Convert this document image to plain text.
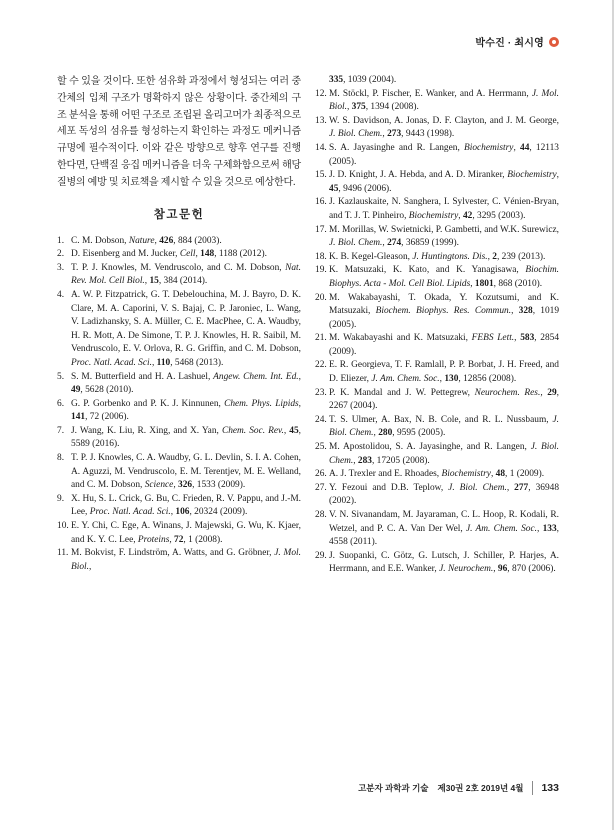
박수진 · 최시영

할 수 있을 것이다. 또한 섬유화 과정에서 형성되는 여러 중간체의 입체 구조가 명확하지 않은 상황이다. 중간체의 구조 분석을 통해 어떤 구조로 조립된 올리고머가 최종적으로 세포 독성의 섬유를 형성하는지 확인하는 과정도 메커니즘 규명에 필수적이다. 이와 같은 방향으로 향후 연구를 진행한다면, 단백질 응집 메커니즘을 더욱 구체화함으로써 해당 질병의 예방 및 치료책을 제시할 수 있을 것으로 예상한다.

참고문헌
1. C. M. Dobson, Nature, 426, 884 (2003).
2. D. Eisenberg and M. Jucker, Cell, 148, 1188 (2012).
3. T. P. J. Knowles, M. Vendruscolo, and C. M. Dobson, Nat. Rev. Mol. Cell Biol., 15, 384 (2014).
4. A. W. P. Fitzpatrick, G. T. Debelouchina, M. J. Bayro, D. K. Clare, M. A. Caporini, V. S. Bajaj, C. P. Jaroniec, L. Wang, V. Ladizhansky, S. A. Müller, C. E. MacPhee, C. A. Waudby, H. R. Mott, A. De Simone, T. P. J. Knowles, H. R. Saibil, M. Vendruscolo, E. V. Orlova, R. G. Griffin, and C. M. Dobson, Proc. Natl. Acad. Sci., 110, 5468 (2013).
5. S. M. Butterfield and H. A. Lashuel, Angew. Chem. Int. Ed., 49, 5628 (2010).
6. G. P. Gorbenko and P. K. J. Kinnunen, Chem. Phys. Lipids, 141, 72 (2006).
7. J. Wang, K. Liu, R. Xing, and X. Yan, Chem. Soc. Rev., 45, 5589 (2016).
8. T. P. J. Knowles, C. A. Waudby, G. L. Devlin, S. I. A. Cohen, A. Aguzzi, M. Vendruscolo, E. M. Terentjev, M. E. Welland, and C. M. Dobson, Science, 326, 1533 (2009).
9. X. Hu, S. L. Crick, G. Bu, C. Frieden, R. V. Pappu, and J.-M. Lee, Proc. Natl. Acad. Sci., 106, 20324 (2009).
10. E. Y. Chi, C. Ege, A. Winans, J. Majewski, G. Wu, K. Kjaer, and K. Y. C. Lee, Proteins, 72, 1 (2008).
11. M. Bokvist, F. Lindström, A. Watts, and G. Gröbner, J. Mol. Biol.,
335, 1039 (2004).
12. M. Stöckl, P. Fischer, E. Wanker, and A. Herrmann, J. Mol. Biol., 375, 1394 (2008).
13. W. S. Davidson, A. Jonas, D. F. Clayton, and J. M. George, J. Biol. Chem., 273, 9443 (1998).
14. S. A. Jayasinghe and R. Langen, Biochemistry, 44, 12113 (2005).
15. J. D. Knight, J. A. Hebda, and A. D. Miranker, Biochemistry, 45, 9496 (2006).
16. J. Kazlauskaite, N. Sanghera, I. Sylvester, C. Vénien-Bryan, and T. J. T. Pinheiro, Biochemistry, 42, 3295 (2003).
17. M. Morillas, W. Swietnicki, P. Gambetti, and W.K. Surewicz, J. Biol. Chem., 274, 36859 (1999).
18. K. B. Kegel-Gleason, J. Huntingtons. Dis., 2, 239 (2013).
19. K. Matsuzaki, K. Kato, and K. Yanagisawa, Biochim. Biophys. Acta - Mol. Cell Biol. Lipids, 1801, 868 (2010).
20. M. Wakabayashi, T. Okada, Y. Kozutsumi, and K. Matsuzaki, Biochem. Biophys. Res. Commun., 328, 1019 (2005).
21. M. Wakabayashi and K. Matsuzaki, FEBS Lett., 583, 2854 (2009).
22. E. R. Georgieva, T. F. Ramlall, P. P. Borbat, J. H. Freed, and D. Eliezer, J. Am. Chem. Soc., 130, 12856 (2008).
23. P. K. Mandal and J. W. Pettegrew, Neurochem. Res., 29, 2267 (2004).
24. T. S. Ulmer, A. Bax, N. B. Cole, and R. L. Nussbaum, J. Biol. Chem., 280, 9595 (2005).
25. M. Apostolidou, S. A. Jayasinghe, and R. Langen, J. Biol. Chem., 283, 17205 (2008).
26. A. J. Trexler and E. Rhoades, Biochemistry, 48, 1 (2009).
27. Y. Fezoui and D.B. Teplow, J. Biol. Chem., 277, 36948 (2002).
28. V. N. Sivanandam, M. Jayaraman, C. L. Hoop, R. Kodali, R. Wetzel, and P. C. A. Van Der Wel, J. Am. Chem. Soc., 133, 4558 (2011).
29. J. Suopanki, C. Götz, G. Lutsch, J. Schiller, P. Harjes, A. Herrmann, and E.E. Wanker, J. Neurochem., 96, 870 (2006).
고분자 과학과 기술 제30권 2호 2019년 4월 133
